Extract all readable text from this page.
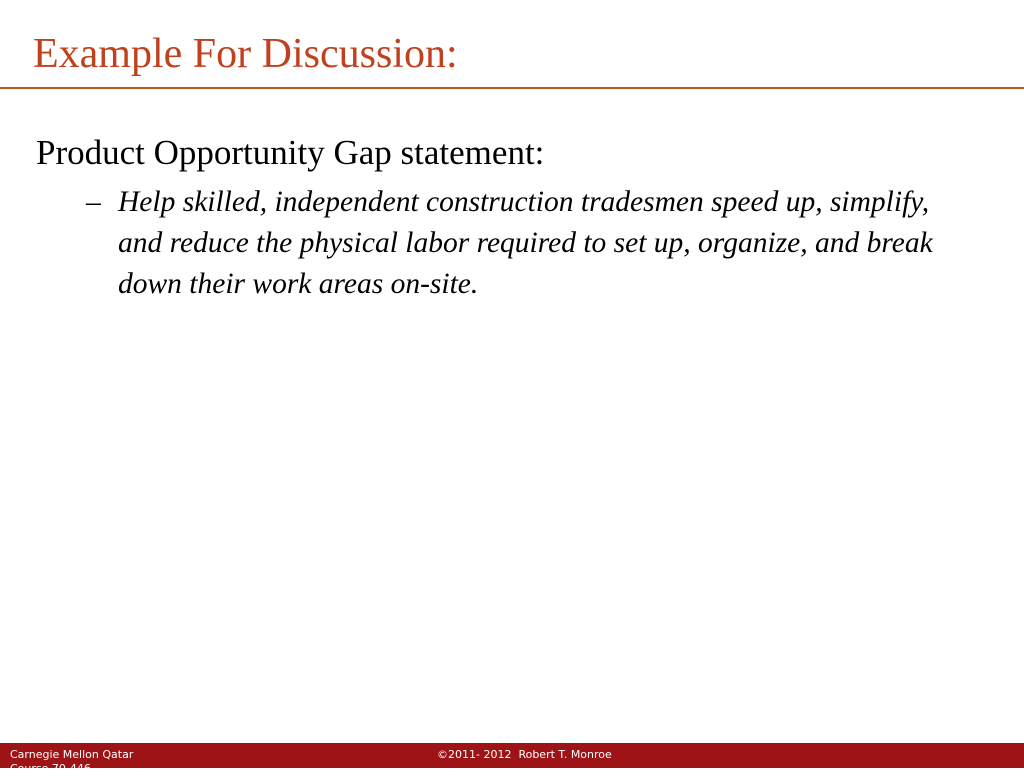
Example For Discussion:

Product Opportunity Gap statement:

– Help skilled, independent construction tradesmen speed up, simplify, and reduce the physical labor required to set up, organize, and break down their work areas on-site.

Carnegie Mellon Qatar
Course 70-446
©2011- 2012  Robert T. Monroe
